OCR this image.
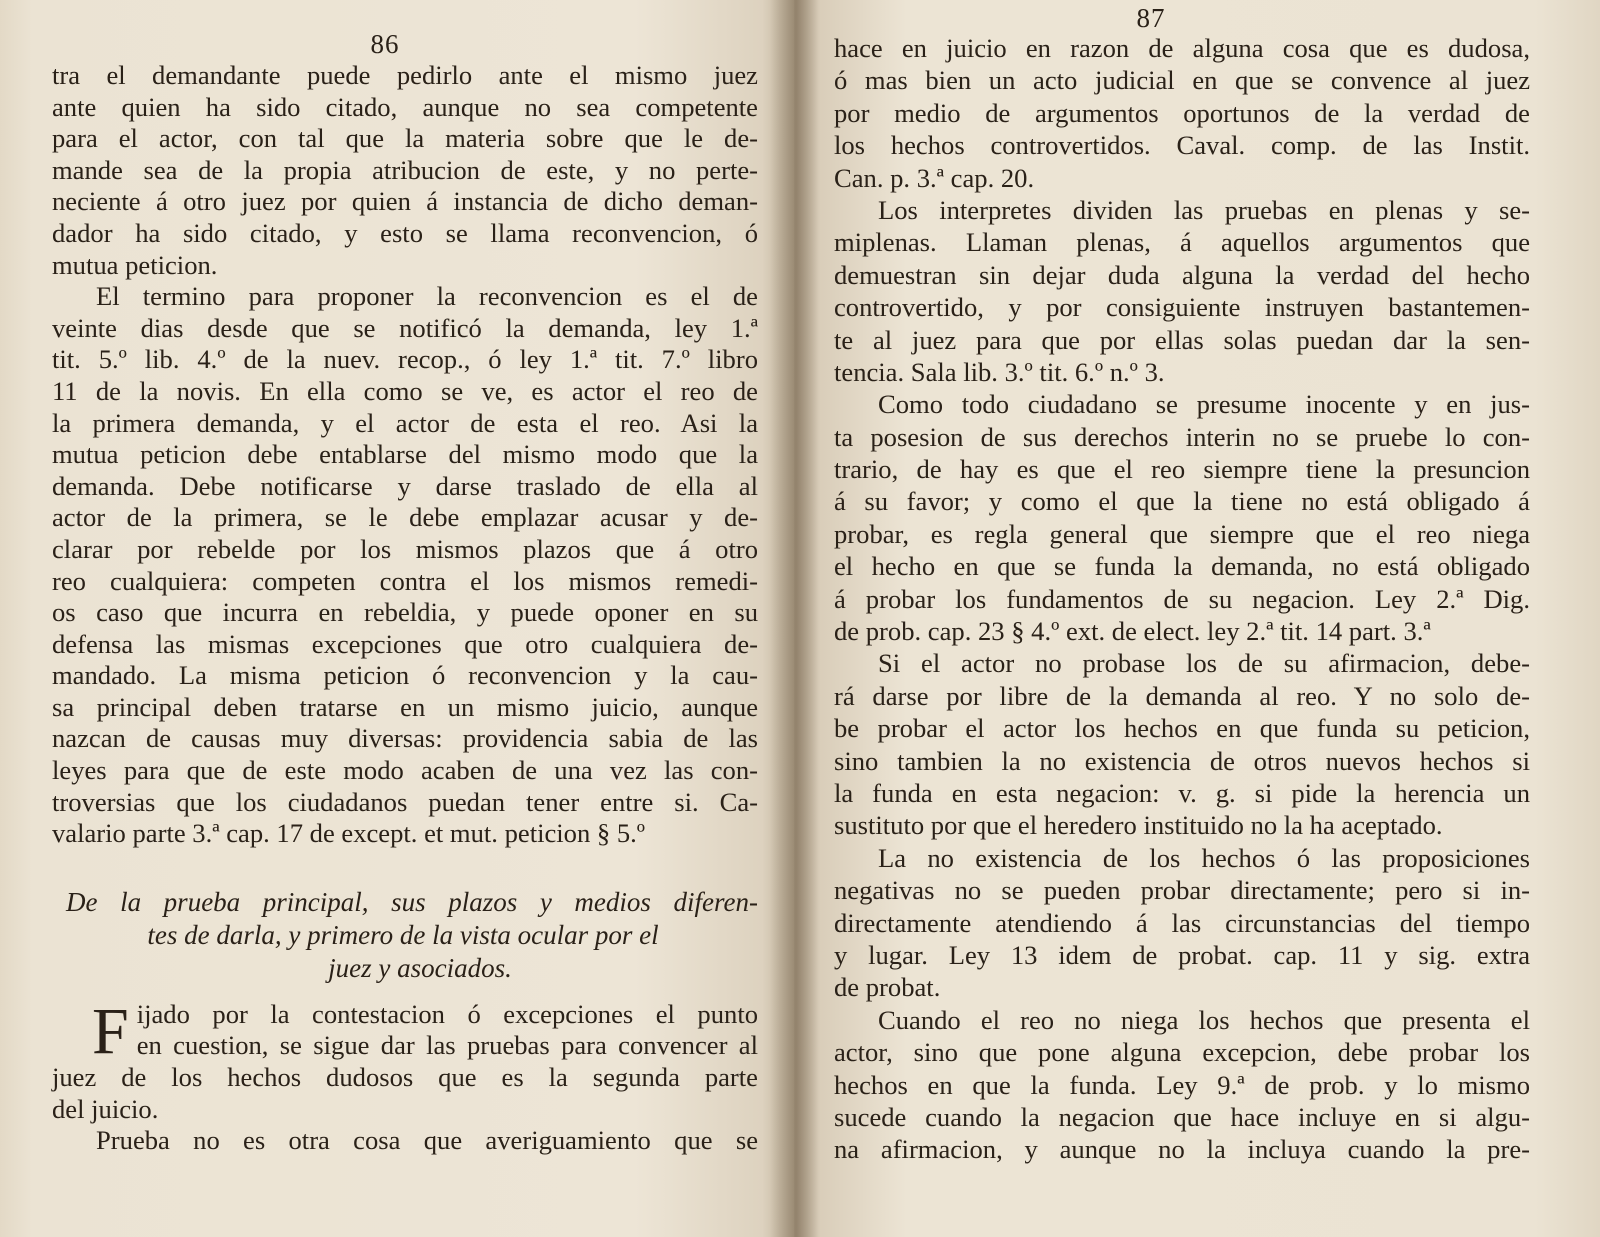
86
tra el demandante puede pedirlo ante el mismo juez
ante quien ha sido citado, aunque no sea competente
para el actor, con tal que la materia sobre que le de-
mande sea de la propia atribucion de este, y no perte-
neciente á otro juez por quien á instancia de dicho deman-
dador ha sido citado, y esto se llama reconvencion, ó
mutua peticion.
El termino para proponer la reconvencion es el de
veinte dias desde que se notificó la demanda, ley 1.ª
tit. 5.º lib. 4.º de la nuev. recop., ó ley 1.ª tit. 7.º libro
11 de la novis. En ella como se ve, es actor el reo de
la primera demanda, y el actor de esta el reo. Asi la
mutua peticion debe entablarse del mismo modo que la
demanda. Debe notificarse y darse traslado de ella al
actor de la primera, se le debe emplazar acusar y de-
clarar por rebelde por los mismos plazos que á otro
reo cualquiera: competen contra el los mismos remedi-
os caso que incurra en rebeldia, y puede oponer en su
defensa las mismas excepciones que otro cualquiera de-
mandado. La misma peticion ó reconvencion y la cau-
sa principal deben tratarse en un mismo juicio, aunque
nazcan de causas muy diversas: providencia sabia de las
leyes para que de este modo acaben de una vez las con-
troversias que los ciudadanos puedan tener entre si. Ca-
valario parte 3.ª cap. 17 de except. et mut. peticion § 5.º
De la prueba principal, sus plazos y medios diferen-
tes de darla, y primero de la vista ocular por el
juez y asociados.
F ijado por la contestacion ó excepciones el punto
en cuestion, se sigue dar las pruebas para convencer al
juez de los hechos dudosos que es la segunda parte
del juicio.
Prueba no es otra cosa que averiguamiento que se
87
hace en juicio en razon de alguna cosa que es dudosa,
ó mas bien un acto judicial en que se convence al juez
por medio de argumentos oportunos de la verdad de
los hechos controvertidos. Caval. comp. de las Instit.
Can. p. 3.ª cap. 20.
Los interpretes dividen las pruebas en plenas y se-
miplenas. Llaman plenas, á aquellos argumentos que
demuestran sin dejar duda alguna la verdad del hecho
controvertido, y por consiguiente instruyen bastantemen-
te al juez para que por ellas solas puedan dar la sen-
tencia. Sala lib. 3.º tit. 6.º n.º 3.
Como todo ciudadano se presume inocente y en jus-
ta posesion de sus derechos interin no se pruebe lo con-
trario, de hay es que el reo siempre tiene la presuncion
á su favor; y como el que la tiene no está obligado á
probar, es regla general que siempre que el reo niega
el hecho en que se funda la demanda, no está obligado
á probar los fundamentos de su negacion. Ley 2.ª Dig.
de prob. cap. 23 § 4.º ext. de elect. ley 2.ª tit. 14 part. 3.ª
Si el actor no probase los de su afirmacion, debe-
rá darse por libre de la demanda al reo. Y no solo de-
be probar el actor los hechos en que funda su peticion,
sino tambien la no existencia de otros nuevos hechos si
la funda en esta negacion: v. g. si pide la herencia un
sustituto por que el heredero instituido no la ha aceptado.
La no existencia de los hechos ó las proposiciones
negativas no se pueden probar directamente; pero si in-
directamente atendiendo á las circunstancias del tiempo
y lugar. Ley 13 idem de probat. cap. 11 y sig. extra
de probat.
Cuando el reo no niega los hechos que presenta el
actor, sino que pone alguna excepcion, debe probar los
hechos en que la funda. Ley 9.ª de prob. y lo mismo
sucede cuando la negacion que hace incluye en si algu-
na afirmacion, y aunque no la incluya cuando la pre-
